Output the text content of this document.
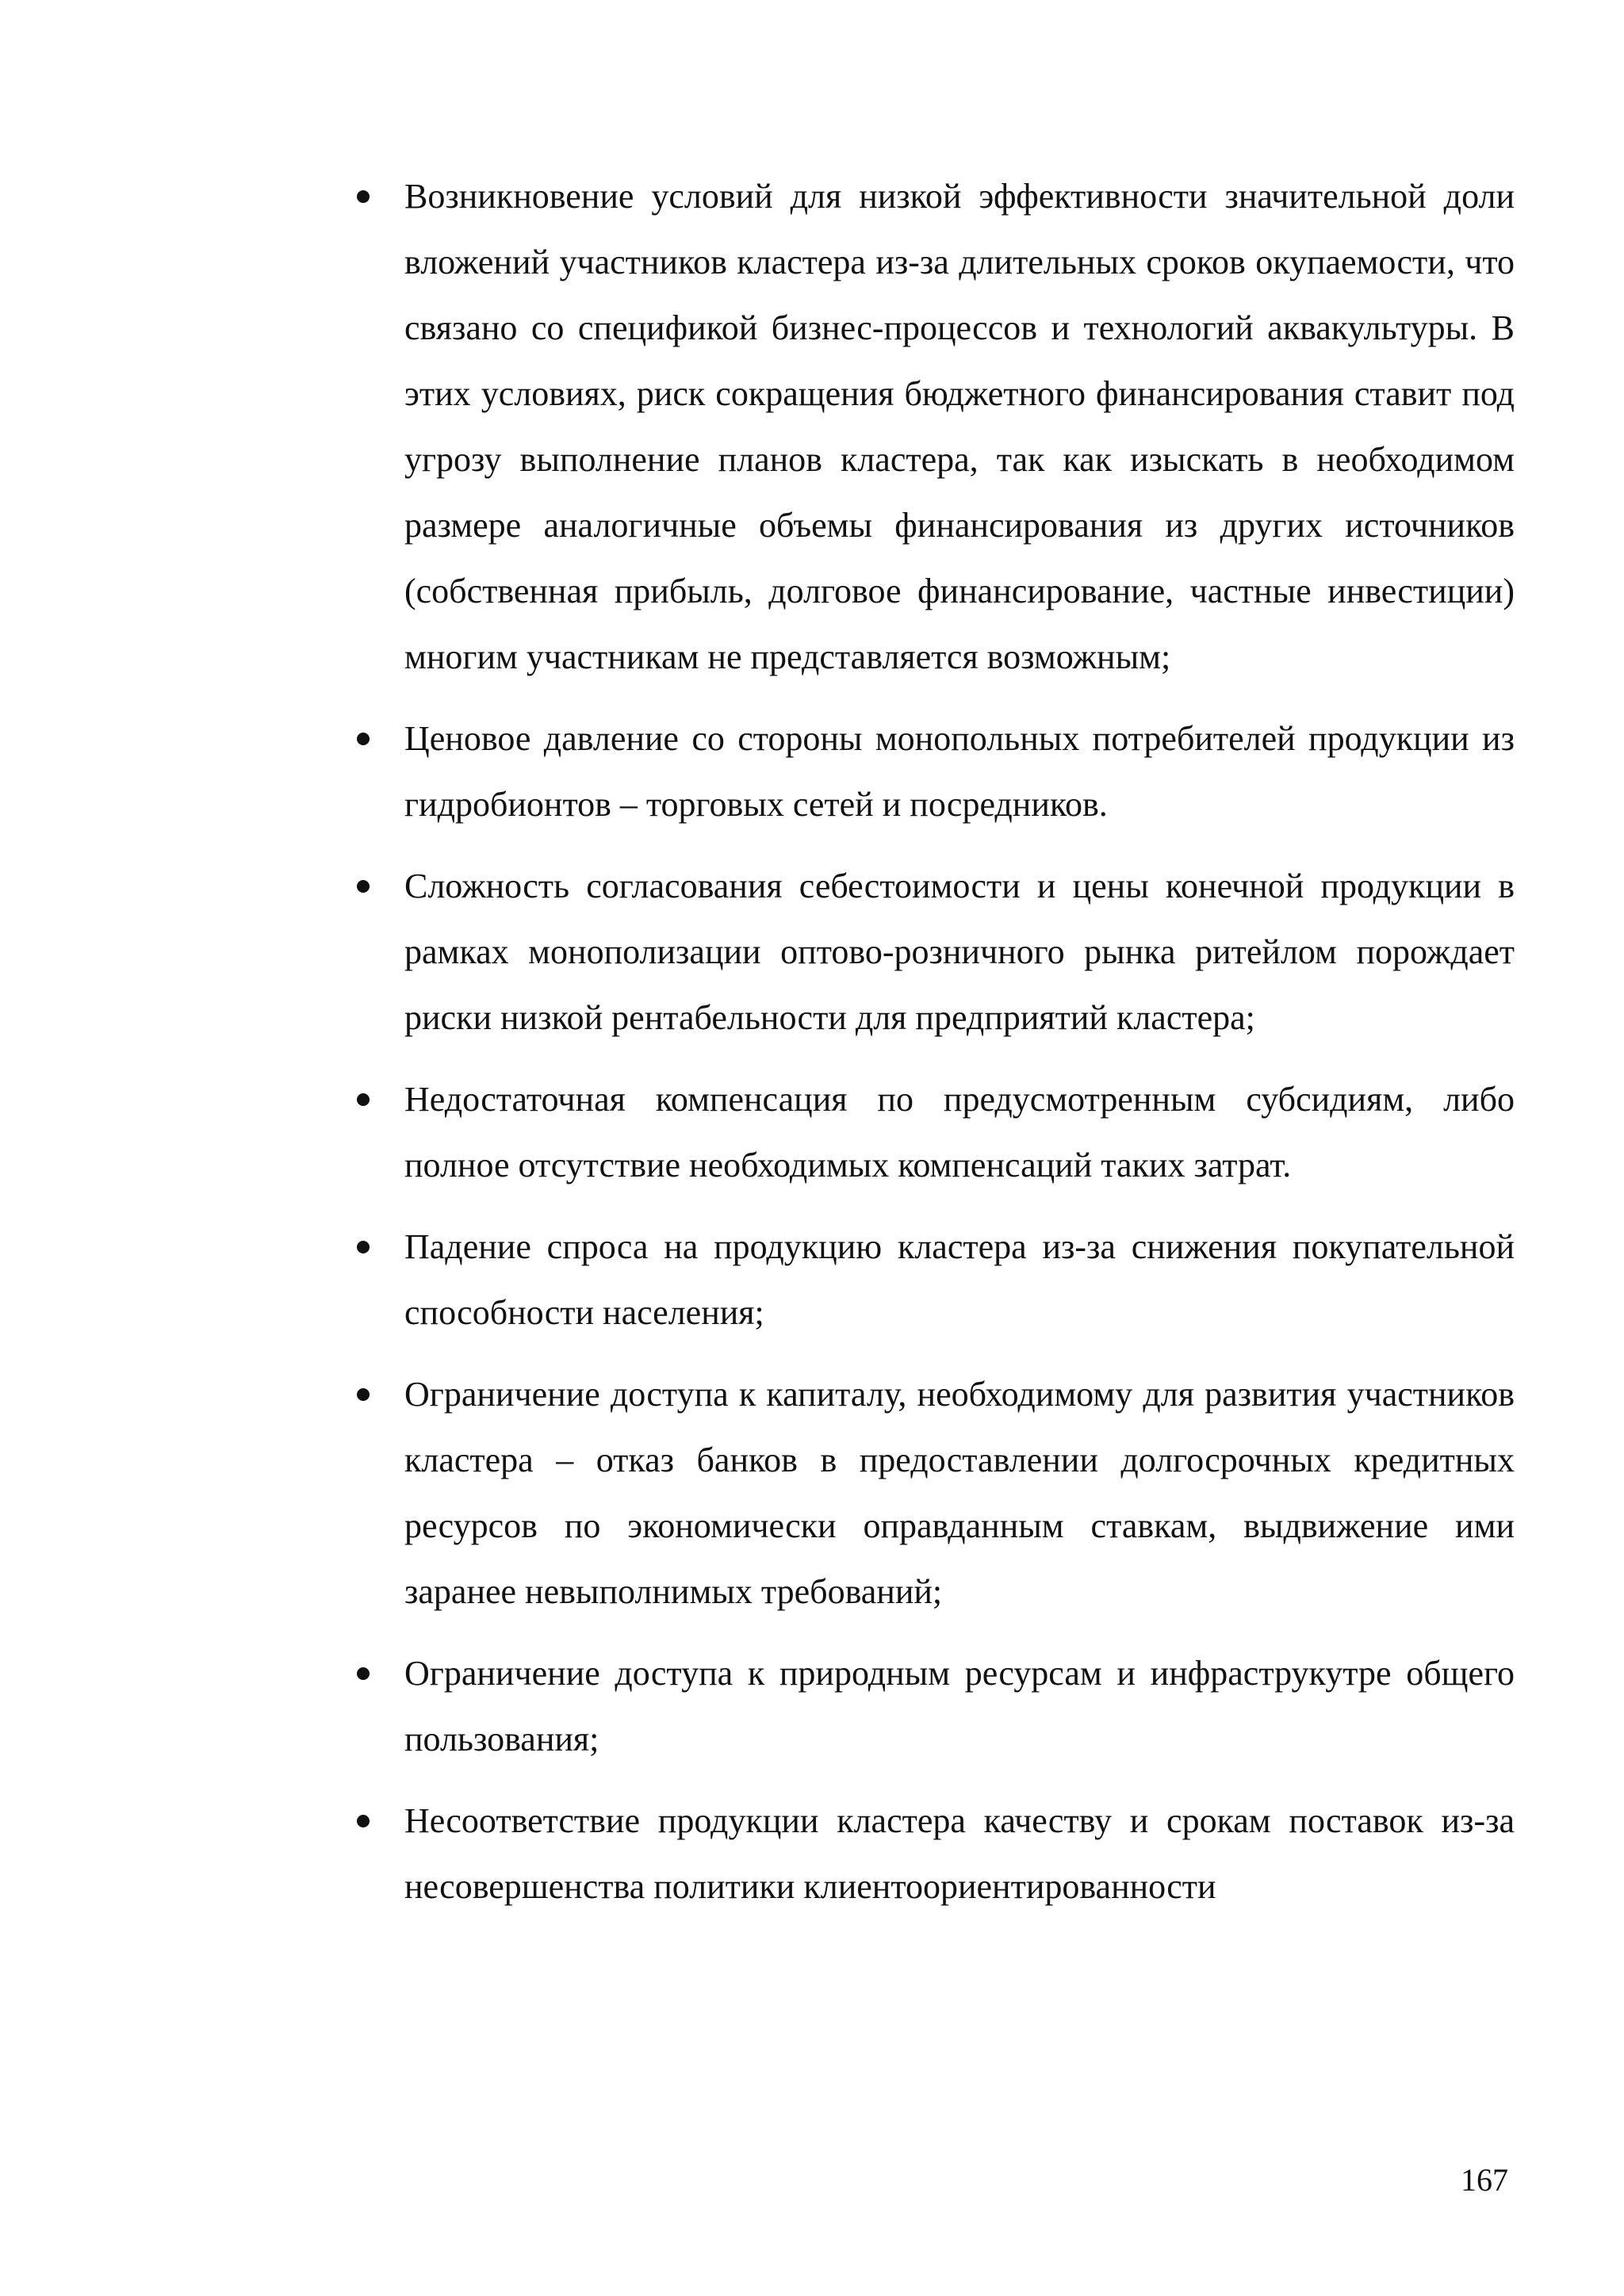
Возникновение условий для низкой эффективности значительной доли вложений участников кластера из-за длительных сроков окупаемости, что связано со спецификой бизнес-процессов и технологий аквакультуры. В этих условиях, риск сокращения бюджетного финансирования ставит под угрозу выполнение планов кластера, так как изыскать в необходимом размере аналогичные объемы финансирования из других источников (собственная прибыль, долговое финансирование, частные инвестиции) многим участникам не представляется возможным;
Ценовое давление со стороны монопольных потребителей продукции из гидробионтов – торговых сетей и посредников.
Сложность согласования себестоимости и цены конечной продукции в рамках монополизации оптово-розничного рынка ритейлом порождает риски низкой рентабельности для предприятий кластера;
Недостаточная компенсация по предусмотренным субсидиям, либо полное отсутствие необходимых компенсаций таких затрат.
Падение спроса на продукцию кластера из-за снижения покупательной способности населения;
Ограничение доступа к капиталу, необходимому для развития участников кластера – отказ банков в предоставлении долгосрочных кредитных ресурсов по экономически оправданным ставкам, выдвижение ими заранее невыполнимых требований;
Ограничение доступа к природным ресурсам и инфраструкутре общего пользования;
Несоответствие продукции кластера качеству и срокам поставок из-за несовершенства политики клиентоориентированности
167
